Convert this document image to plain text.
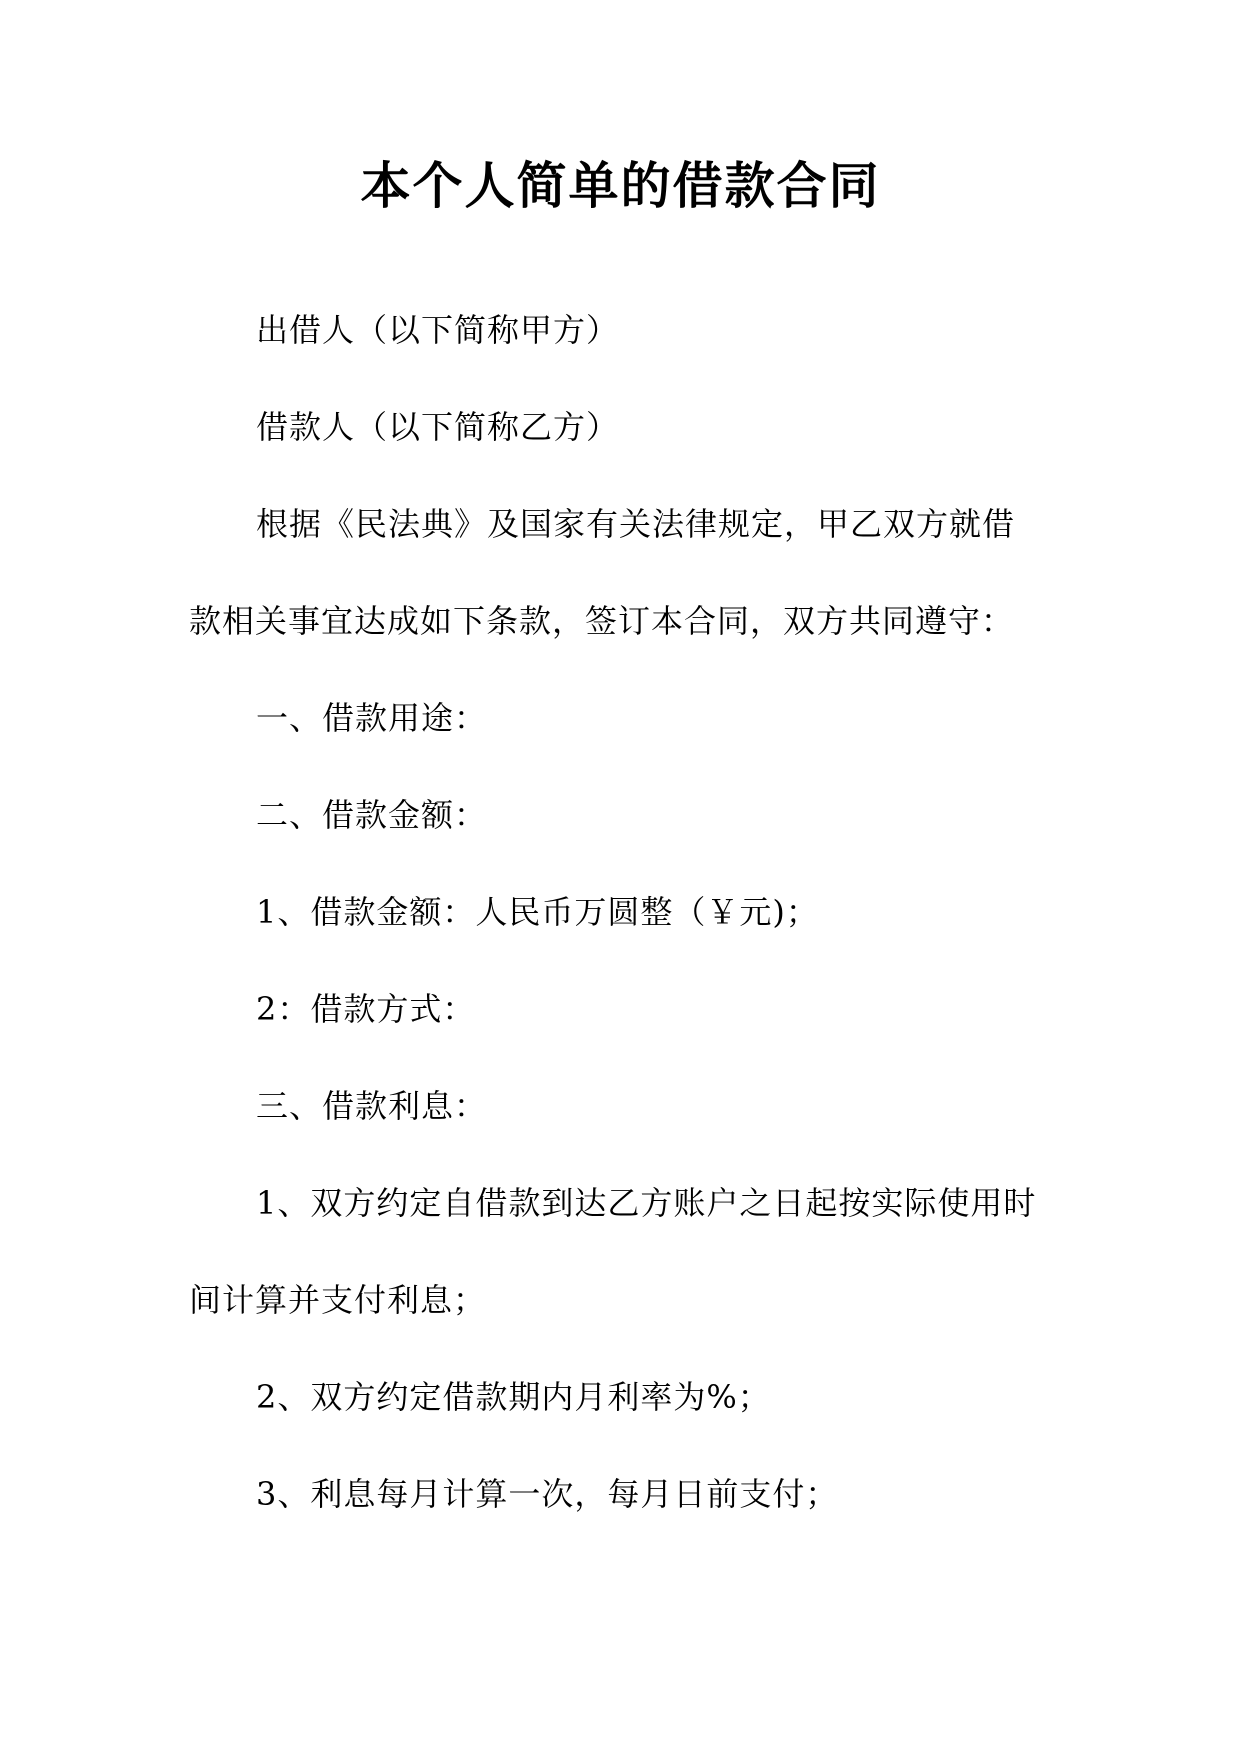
本个人简单的借款合同
出借人（以下简称甲方）
借款人（以下简称乙方）
根据《民法典》及国家有关法律规定，甲乙双方就借
款相关事宜达成如下条款，签订本合同，双方共同遵守：
一、借款用途：
二、借款金额：
1、借款金额：人民币万圆整（￥元)；
2：借款方式：
三、借款利息：
1、双方约定自借款到达乙方账户之日起按实际使用时
间计算并支付利息；
2、双方约定借款期内月利率为%；
3、利息每月计算一次，每月日前支付；
